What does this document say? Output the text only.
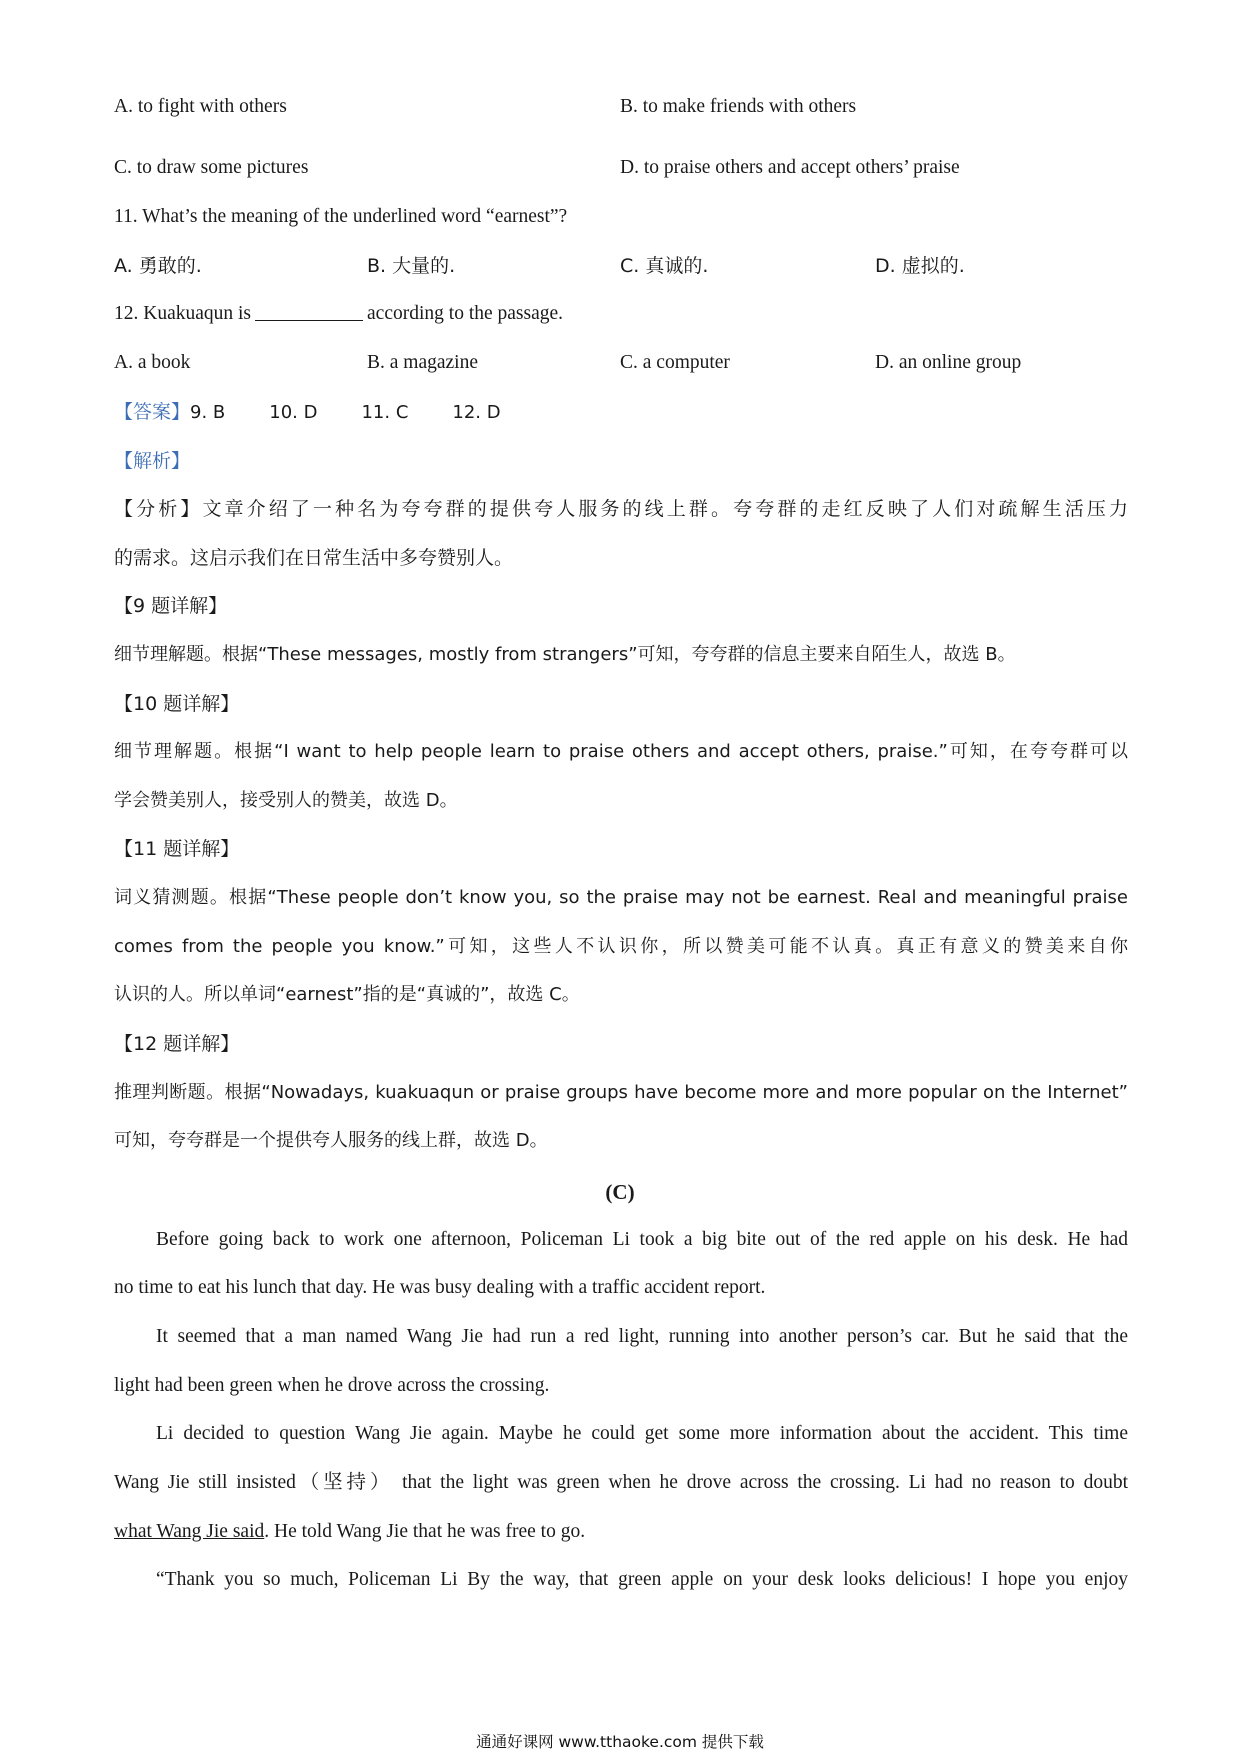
A. to fight with others	B. to make friends with others
C. to draw some pictures	D. to praise others and accept others’ praise
11. What’s the meaning of the underlined word “earnest”?
A. 勇敢的.	B. 大量的.	C. 真诚的.	D. 虚拟的.
12. Kuakuaqun is	according to the passage.
A. a book	B. a magazine	C. a computer	D. an online group
【答案】9. B 10. D 11. C 12. D
【解析】
【分析】文章介绍了一种名为夸夸群的提供夸人服务的线上群。夸夸群的走红反映了人们对疏解生活压力
的需求。这启示我们在日常生活中多夸赞别人。
【9 题详解】
细节理解题。根据“These messages, mostly from strangers”可知，夸夸群的信息主要来自陌生人，故选 B。
【10 题详解】
细节理解题。根据“I want to help people learn to praise others and accept others, praise.”可知，在夸夸群可以
学会赞美别人，接受别人的赞美，故选 D。
【11 题详解】
词义猜测题。根据“These people don’t know you, so the praise may not be earnest. Real and meaningful praise
comes from the people you know.”可知，这些人不认识你，所以赞美可能不认真。真正有意义的赞美来自你
认识的人。所以单词“earnest”指的是“真诚的”，故选 C。
【12 题详解】
推理判断题。根据“Nowadays, kuakuaqun or praise groups have become more and more popular on the Internet”
可知，夸夸群是一个提供夸人服务的线上群，故选 D。
(C)
Before going back to work one afternoon, Policeman Li took a big bite out of the red apple on his desk. He had
no time to eat his lunch that day. He was busy dealing with a traffic accident report.
It seemed that a man named Wang Jie had run a red light, running into another person’s car. But he said that the
light had been green when he drove across the crossing.
Li decided to question Wang Jie again. Maybe he could get some more information about the accident. This time
Wang Jie still insisted（坚持） that the light was green when he drove across the crossing. Li had no reason to doubt
what Wang Jie said. He told Wang Jie that he was free to go.
“Thank you so much, Policeman Li By the way, that green apple on your desk looks delicious! I hope you enjoy
通通好课网 www.tthaoke.com 提供下载
